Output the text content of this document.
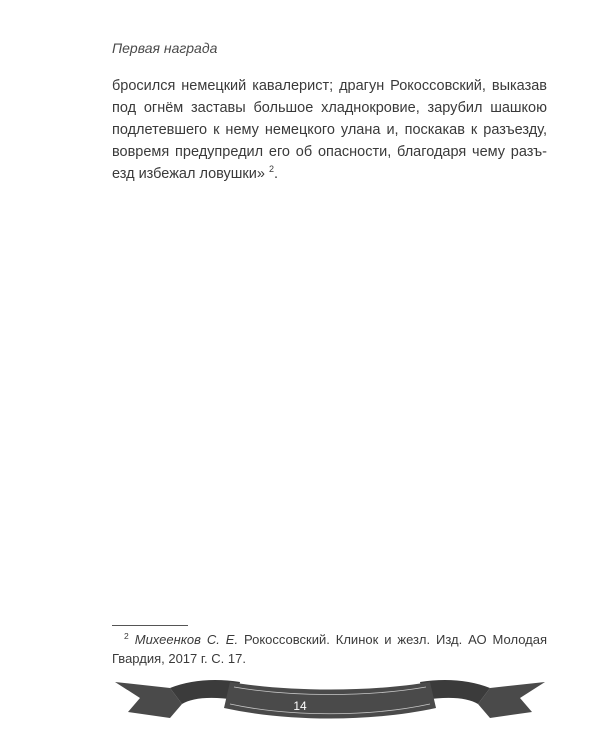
Первая награда
бросился немецкий кавалерист; драгун Рокоссовский, выказав
под огнём заставы большое хладнокровие, зарубил шашкою
подлетевшего к нему немецкого улана и, поскакав к разъезду,
вовремя предупредил его об опасности, благодаря чему разъ-
езд избежал ловушки» $^2$.
$^2$ Михеенков С. Е. Рокоссовский. Клинок и жезл. Изд. АО Молодая
Гвардия, 2017 г. С. 17.
14
